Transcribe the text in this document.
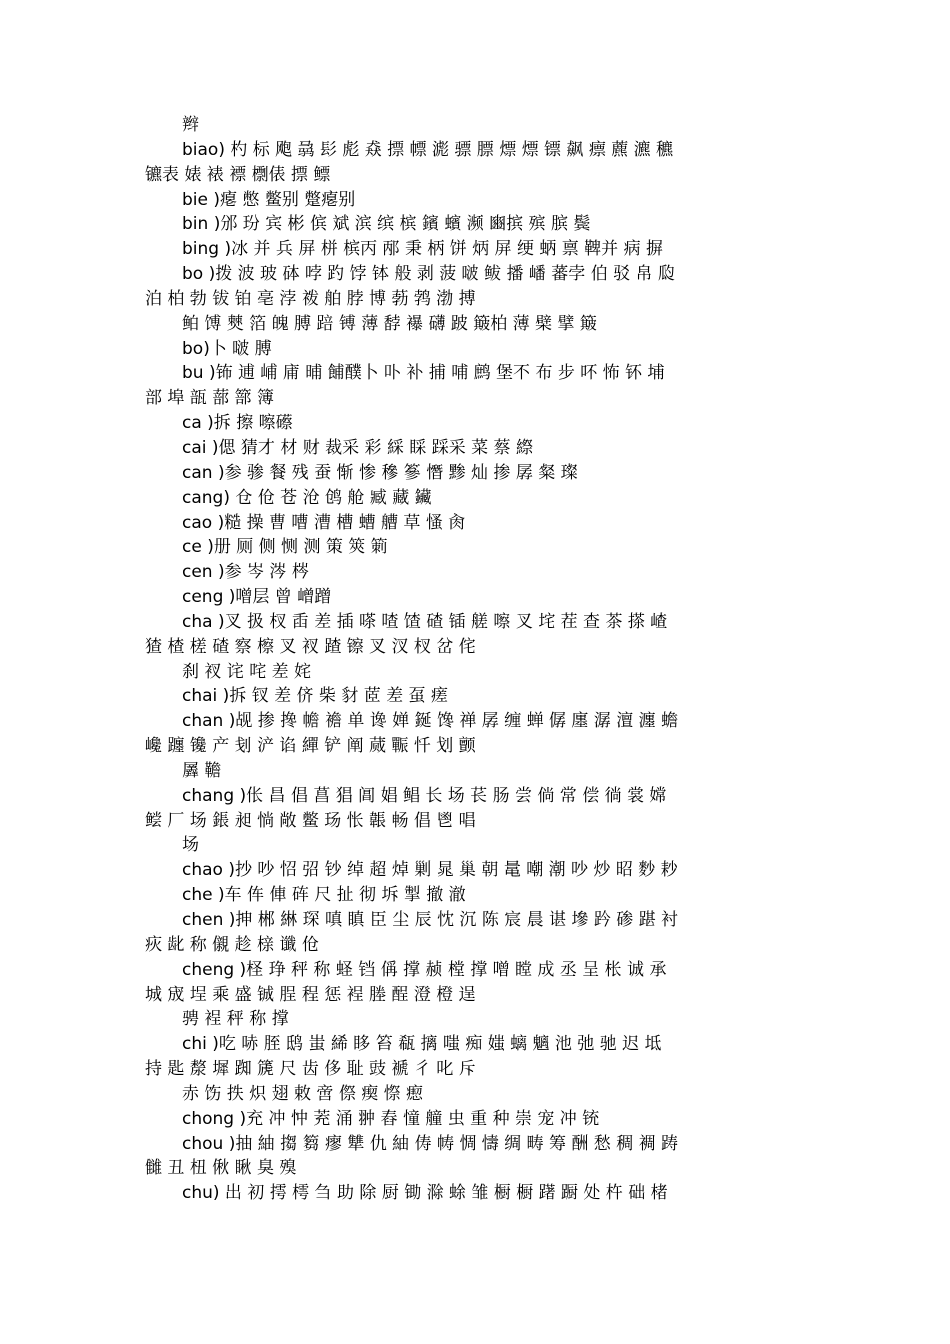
辫
biao) 杓 标 飑 骉 髟 彪 猋 摽 幖 滮 骠 膘 熛 熛 镖 飙 瘭 藨 瀌 穮
镳表 婊 裱 褾 檦俵 摽 鳔
bie )瘪 憋 鳖别 蹩瘪别
bin )邠 玢 宾 彬 傧 斌 滨 缤 槟 鑌 蠙 濒 豳摈 殡 膑 鬓
bing )冰 并 兵 屏 栟 槟丙 邴 秉 柄 饼 炳 屏 绠 蛃 禀 鞞并 病 摒
bo )拨 波 玻 砵 哱 趵 饽 钵 般 剥 菠 啵 鲅 播 嶓 蕃孛 伯 驳 帛 瓝
泊 柏 勃 钹 铂 亳 浡 袯 舶 脖 博 葧 鹁 渤 搏
鲌 馎 僰 箔 魄 膊 踣 镈 薄 馞 襮 礴 跛 簸柏 薄 檗 擘 簸
bo)卜 啵 膊
bu )钸 逋 峬 庯 晡 餔醭卜 卟 补 捕 哺 鹧 堡不 布 步 吥 怖 钚 埔
部 埠 瓿 蔀 篰 簿
ca )拆 擦 嚓礤
cai )偲 猜才 材 财 裁采 彩 綵 睬 踩采 菜 蔡 縩
can )参 骖 餐 残 蚕 惭 惨 穇 篸 憯 黪 灿 掺 孱 粲 璨
cang) 仓 伧 苍 沧 鸧 舱 臧 藏 鑶
cao )糙 操 曹 嘈 漕 槽 螬 艚 草 慅 肏
ce )册 厕 侧 恻 测 策 筴 箣
cen )参 岑 涔 梣
ceng )噌层 曾 嶒蹭
cha )叉 扱 杈 臿 差 插 嗏 喳 馇 碴 锸 艖 嚓 叉 垞 茬 查 茶 搽 嵖
猹 楂 槎 碴 察 檫 叉 衩 蹅 镲 叉 汊 杈 岔 侘
刹 衩 诧 咤 差 姹
chai )拆 钗 差 侪 柴 豺 茝 差 虿 瘥
chan )觇 掺 搀 幨 襜 单 谗 婵 鋋 馋 禅 孱 缠 蝉 僝 廛 潺 澶 瀍 蟾
巉 躔 镵 产 刬 浐 谄 繟 铲 阐 蒇 辴 忏 划 颤
羼 韂
chang )伥 昌 倡 菖 猖 阊 娼 鲳 长 场 苌 肠 尝 倘 常 偿 徜 裳 嫦
鲿 厂 场 鋹 昶 惝 敞 鳖 玚 怅 韔 畅 倡 鬯 唱
场
chao )抄 吵 怊 弨 钞 绰 超 焯 剿 晁 巢 朝 鼌 嘲 潮 吵 炒 昭 麨 耖
che )车 伡 俥 砗 尺 扯 彻 坼 掣 撤 澈
chen )抻 郴 綝 琛 嗔 瞋 臣 尘 辰 忱 沉 陈 宸 晨 谌 墋 趻 碜 踸 衬
疢 龀 称 儭 趁 榇 谶 伧
cheng )柽 琤 秤 称 蛏 铛 偁 撑 赪 樘 撑 噌 瞠 成 丞 呈 枨 诚 承
城 宬 埕 乘 盛 铖 脭 程 惩 裎 塍 酲 澄 橙 逞
骋 裎 秤 称 撑
chi )吃 哧 胵 鸱 蚩 絺 眵 笞 瓻 摛 嗤 痴 媸 螭 魑 池 弛 驰 迟 坻
持 匙 漦 墀 踟 篪 尺 齿 侈 耻 豉 褫 彳 叱 斥
赤 饬 抶 炽 翅 敕 啻 傺 瘈 憏 瘛
chong )充 冲 忡 茺 涌 翀 舂 憧 艟 虫 重 种 崇 宠 冲 铳
chou )抽 紬 搊 篘 瘳 犨 仇 紬 俦 帱 惆 懤 绸 畴 筹 酬 愁 稠 裯 踌
雠 丑 杻 偢 瞅 臭 殠
chu) 出 初 摴 樗 刍 助 除 厨 锄 滁 蜍 雏 橱 橱 躇 蹰 处 杵 础 楮
